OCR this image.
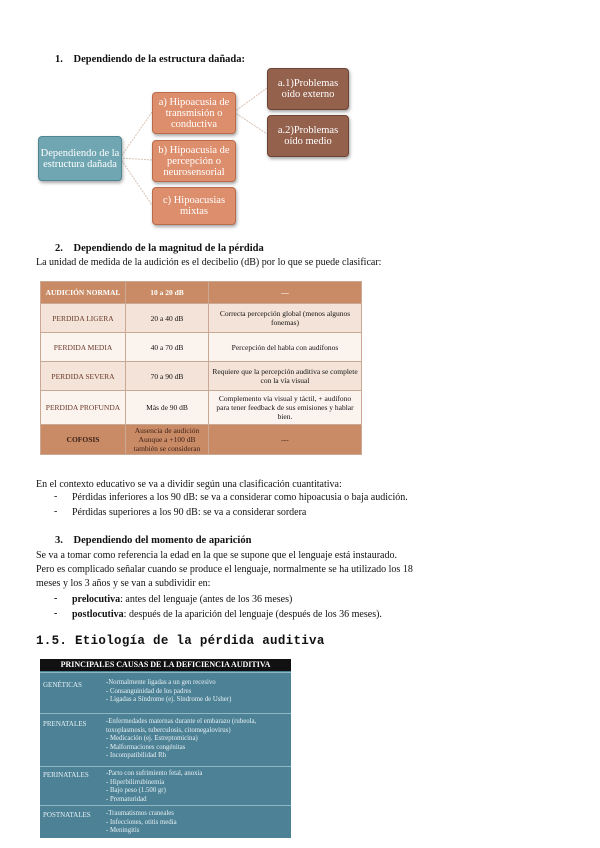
1. Dependiendo de la estructura dañada:
Dependiendo de la estructura dañada
a) Hipoacusia de transmisión o conductiva
b) Hipoacusia de percepción o neurosensorial
c) Hipoacusias mixtas
a.1)Problemas oído externo
a.2)Problemas oído medio
2. Dependiendo de la magnitud de la pérdida
La unidad de medida de la audición es el decibelio (dB) por lo que se puede clasificar:
AUDICIÓN NORMAL	10 a 20 dB	—
PERDIDA LIGERA	20 a 40 dB	Correcta percepción global (menos algunos fonemas)
PERDIDA MEDIA	40 a 70 dB	Percepción del habla con audífonos
PERDIDA SEVERA	70 a 90 dB	Requiere que la percepción auditiva se complete con la vía visual
PERDIDA PROFUNDA	Más de 90 dB	Complemento vía visual y táctil, + audífono para tener feedback de sus emisiones y hablar bien.
COFOSIS	Ausencia de audición Aunque a +100 dB también se consideran	---
En el contexto educativo se va a dividir según una clasificación cuantitativa:
- Pérdidas inferiores a los 90 dB: se va a considerar como hipoacusia o baja audición.
- Pérdidas superiores a los 90 dB: se va a considerar sordera
3. Dependiendo del momento de aparición
Se va a tomar como referencia la edad en la que se supone que el lenguaje está instaurado.
Pero es complicado señalar cuando se produce el lenguaje, normalmente se ha utilizado los 18
meses y los 3 años y se van a subdividir en:
- prelocutiva: antes del lenguaje (antes de los 36 meses)
- postlocutiva: después de la aparición del lenguaje (después de los 36 meses).
1.5. Etiología de la pérdida auditiva
PRINCIPALES CAUSAS DE LA DEFICIENCIA AUDITIVA
GENÉTICAS	-Normalmente ligadas a un gen recesivo
- Consanguinidad de los padres
- Ligadas a Síndrome (ej. Síndrome de Usher)
PRENATALES	-Enfermedades maternas durante el embarazo (rubeola, toxoplasmosis, tuberculosis, citomegalovirus)
- Medicación (ej. Estreptomicina)
- Malformaciones congénitas
- Incompatibilidad Rh
PERINATALES	-Parto con sufrimiento fetal, anoxia
- Hiperbilirrubinemia
- Bajo peso (1.500 gr)
- Prematuridad
POSTNATALES -Traumatismos craneales
- Infecciones, otitis media
- Meningitis
